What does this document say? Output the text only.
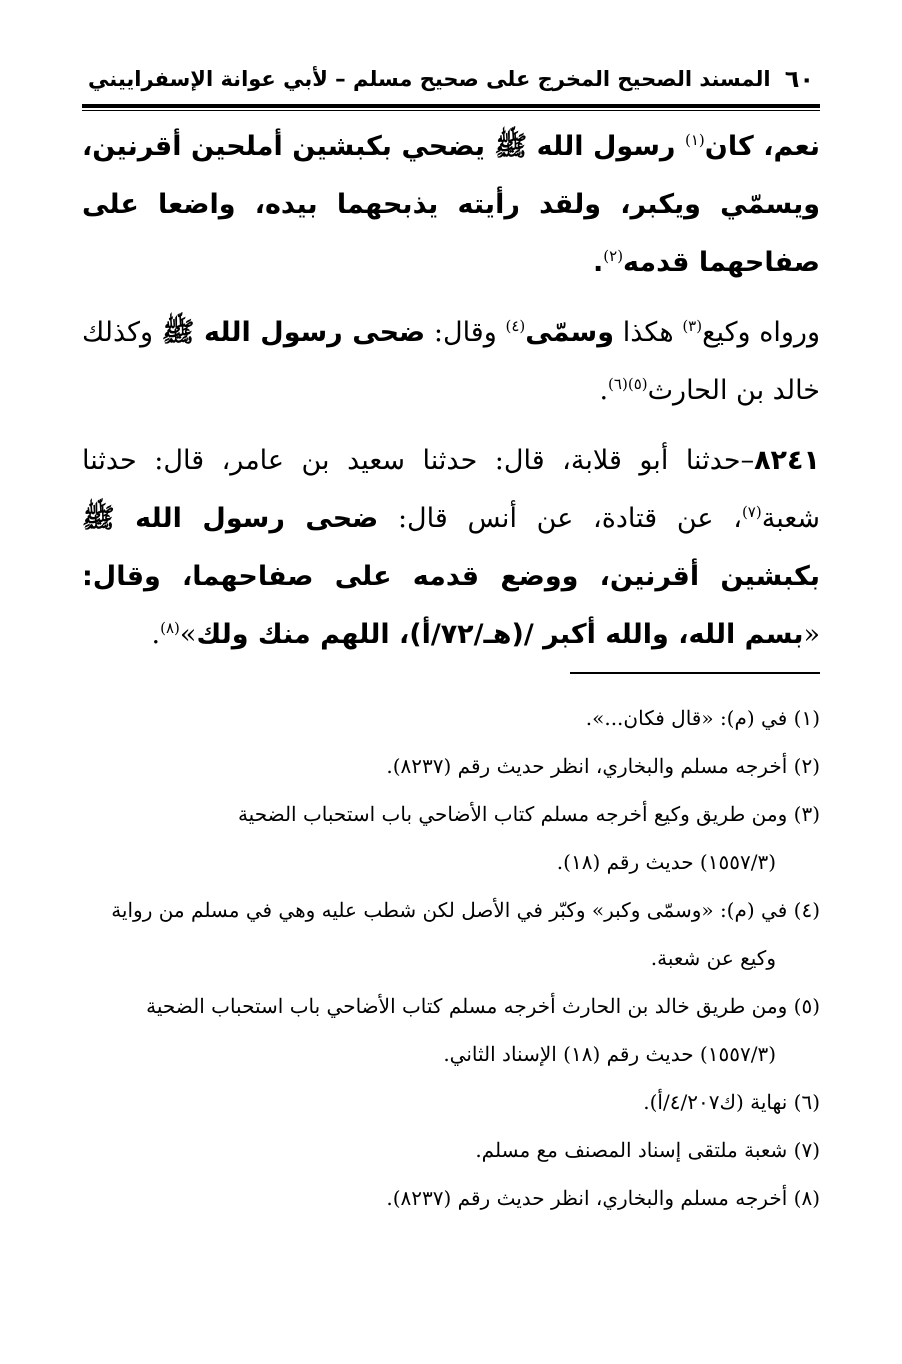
٦٠
المسند الصحيح المخرج على صحيح مسلم – لأبي عوانة الإسفراييني

نعم، كان$^{(١)}$ رسول الله ﷺ يضحي بكبشين أملحين أقرنين، ويسمّي ويكبر، ولقد رأيته يذبحهما بيده، واضعا على صفاحهما قدمه$^{(٢)}$.

ورواه وكيع$^{(٣)}$ هكذا وسمّى$^{(٤)}$ وقال: ضحى رسول الله ﷺ وكذلك خالد بن الحارث$^{(٥)(٦)}$.

٨٢٤١–حدثنا أبو قلابة، قال: حدثنا سعيد بن عامر، قال: حدثنا شعبة$^{(٧)}$، عن قتادة، عن أنس قال: ضحى رسول الله ﷺ بكبشين أقرنين، ووضع قدمه على صفاحهما، وقال: «بسم الله، والله أكبر /(هـ/٧٢/أ)، اللهم منك ولك»$^{(٨)}$.

(١) في (م): «قال فكان...».

(٢) أخرجه مسلم والبخاري، انظر حديث رقم (٨٢٣٧).

(٣) ومن طريق وكيع أخرجه مسلم كتاب الأضاحي باب استحباب الضحية
(١٥٥٧/٣) حديث رقم (١٨).

(٤) في (م): «وسمّى وكبر» وكبّر في الأصل لكن شطب عليه وهي في مسلم من رواية
وكيع عن شعبة.

(٥) ومن طريق خالد بن الحارث أخرجه مسلم كتاب الأضاحي باب استحباب الضحية
(١٥٥٧/٣) حديث رقم (١٨) الإسناد الثاني.

(٦) نهاية (ك٤/٢٠٧/أ).

(٧) شعبة ملتقى إسناد المصنف مع مسلم.

(٨) أخرجه مسلم والبخاري، انظر حديث رقم (٨٢٣٧).
